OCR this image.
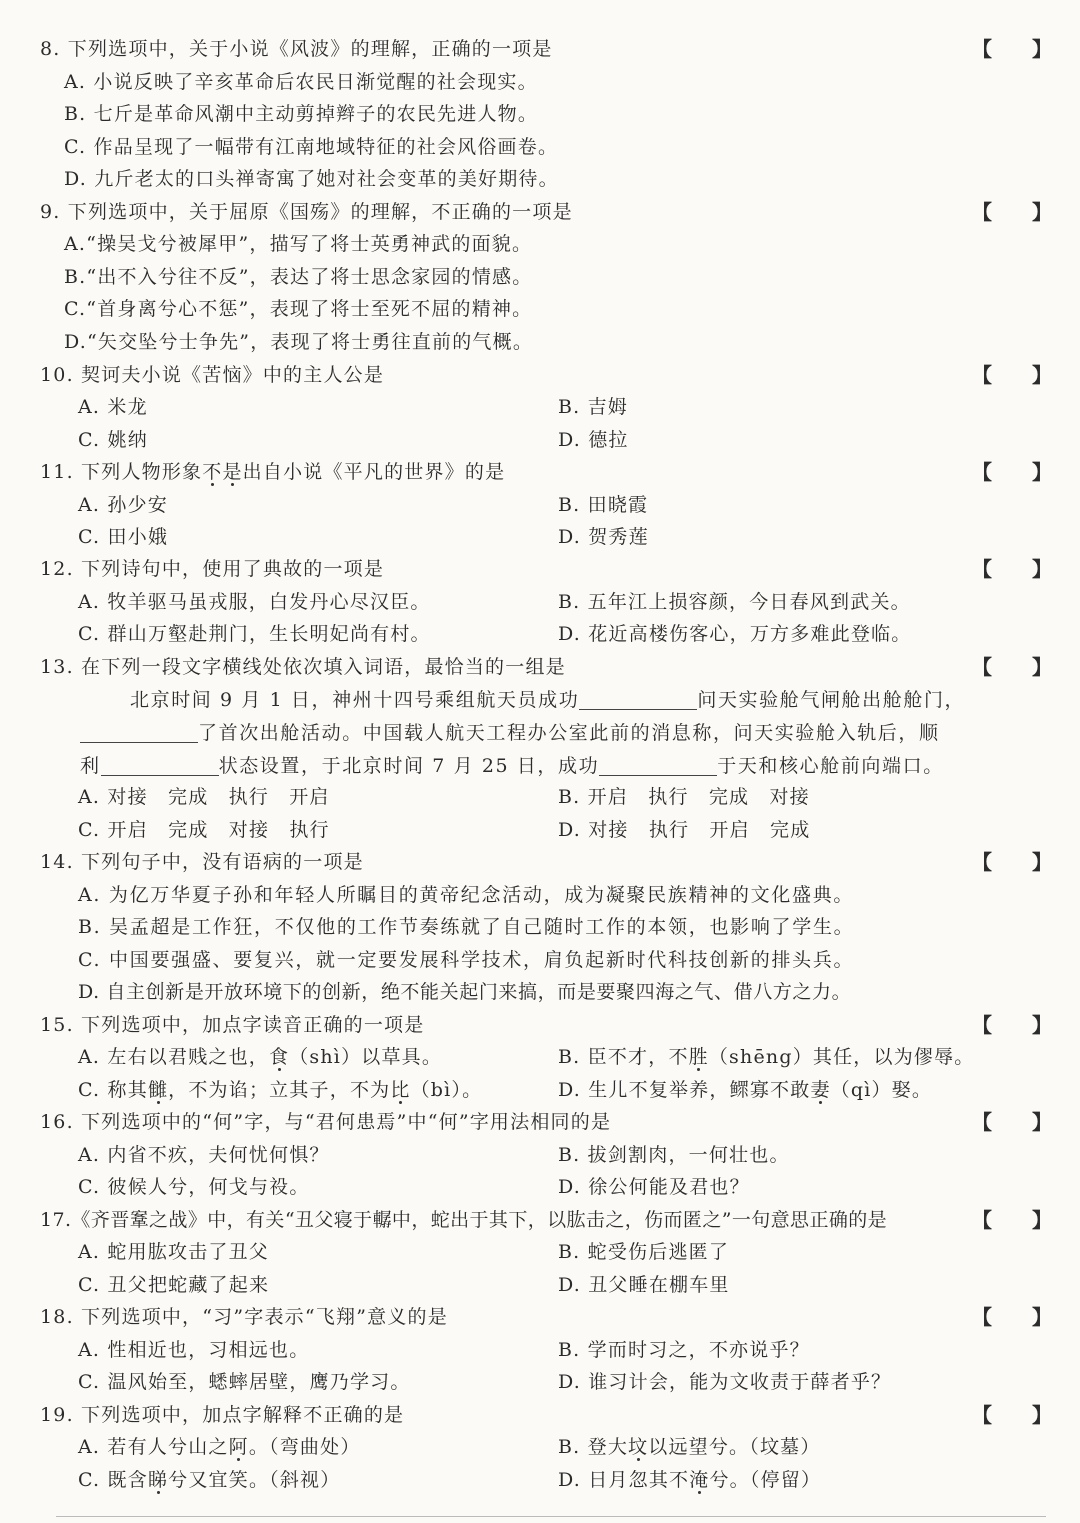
8. 下列选项中，关于小说《风波》的理解，正确的一项是	【　　】
A. 小说反映了辛亥革命后农民日渐觉醒的社会现实。
B. 七斤是革命风潮中主动剪掉辫子的农民先进人物。
C. 作品呈现了一幅带有江南地域特征的社会风俗画卷。
D. 九斤老太的口头禅寄寓了她对社会变革的美好期待。
9. 下列选项中，关于屈原《国殇》的理解，不正确的一项是	【　　】
A.“操吴戈兮被犀甲”，描写了将士英勇神武的面貌。
B.“出不入兮往不反”，表达了将士思念家园的情感。
C.“首身离兮心不惩”，表现了将士至死不屈的精神。
D.“矢交坠兮士争先”，表现了将士勇往直前的气概。
10. 契诃夫小说《苦恼》中的主人公是	【　　】
A. 米龙	B. 吉姆
C. 姚纳	D. 德拉
11. 下列人物形象不是出自小说《平凡的世界》的是	【　　】
A. 孙少安	B. 田晓霞
C. 田小娥	D. 贺秀莲
12. 下列诗句中，使用了典故的一项是	【　　】
A. 牧羊驱马虽戎服，白发丹心尽汉臣。	B. 五年江上损容颜，今日春风到武关。
C. 群山万壑赴荆门，生长明妃尚有村。	D. 花近高楼伤客心，万方多难此登临。
13. 在下列一段文字横线处依次填入词语，最恰当的一组是	【　　】
北京时间 9 月 1 日，神州十四号乘组航天员成功	问天实验舱气闸舱出舱舱门，
了首次出舱活动。中国载人航天工程办公室此前的消息称，问天实验舱入轨后，顺
利	状态设置，于北京时间 7 月 25 日，成功	于天和核心舱前向端口。
A. 对接　完成　执行　开启	B. 开启　执行　完成　对接
C. 开启　完成　对接　执行	D. 对接　执行　开启　完成
14. 下列句子中，没有语病的一项是	【　　】
A. 为亿万华夏子孙和年轻人所瞩目的黄帝纪念活动，成为凝聚民族精神的文化盛典。
B. 吴孟超是工作狂，不仅他的工作节奏练就了自己随时工作的本领，也影响了学生。
C. 中国要强盛、要复兴，就一定要发展科学技术，肩负起新时代科技创新的排头兵。
D. 自主创新是开放环境下的创新，绝不能关起门来搞，而是要聚四海之气、借八方之力。
15. 下列选项中，加点字读音正确的一项是	【　　】
A. 左右以君贱之也，食（shì）以草具。	B. 臣不才，不胜（shēng）其任，以为僇辱。
C. 称其雠，不为谄；立其子，不为比（bì）。	D. 生儿不复举养，鳏寡不敢妻（qì）娶。
16. 下列选项中的“何”字，与“君何患焉”中“何”字用法相同的是	【　　】
A. 内省不疚，夫何忧何惧？	B. 拔剑割肉，一何壮也。
C. 彼候人兮，何戈与祋。	D. 徐公何能及君也？
17.《齐晋鞌之战》中，有关“丑父寝于轏中，蛇出于其下，以肱击之，伤而匿之”一句意思正确的是	【　　】
A. 蛇用肱攻击了丑父	B. 蛇受伤后逃匿了
C. 丑父把蛇藏了起来	D. 丑父睡在棚车里
18. 下列选项中，“习”字表示“飞翔”意义的是	【　　】
A. 性相近也，习相远也。	B. 学而时习之，不亦说乎？
C. 温风始至，蟋蟀居壁，鹰乃学习。	D. 谁习计会，能为文收责于薛者乎？
19. 下列选项中，加点字解释不正确的是	【　　】
A. 若有人兮山之阿。（弯曲处）	B. 登大坟以远望兮。（坟墓）
C. 既含睇兮又宜笑。（斜视）	D. 日月忽其不淹兮。（停留）
